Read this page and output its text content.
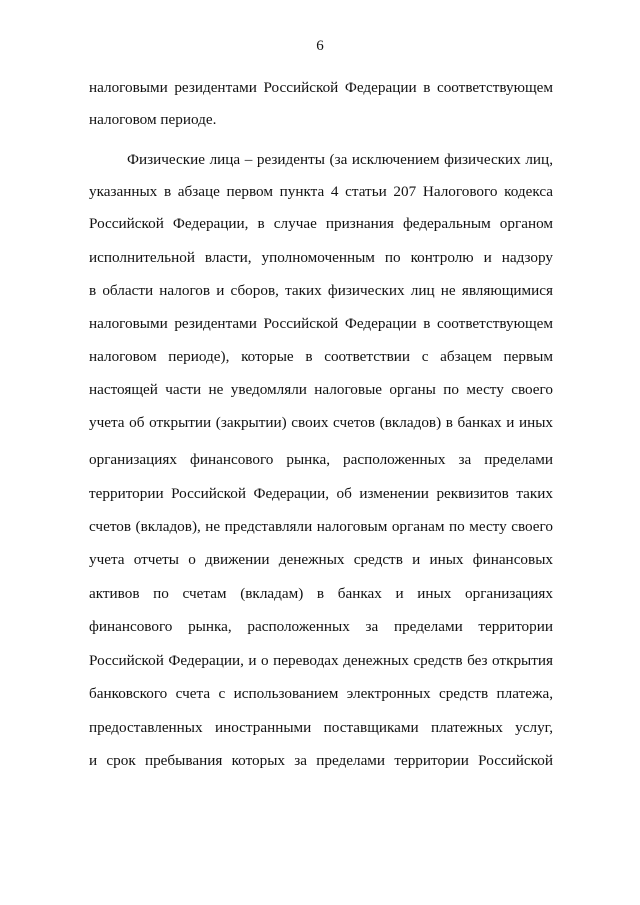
6
налоговыми резидентами Российской Федерации в соответствующем
налоговом периоде.
Физические лица – резиденты (за исключением физических лиц,
указанных в абзаце первом пункта 4 статьи 207 Налогового кодекса
Российской Федерации, в случае признания федеральным органом
исполнительной власти, уполномоченным по контролю и надзору
в области налогов и сборов, таких физических лиц не являющимися
налоговыми резидентами Российской Федерации в соответствующем
налоговом периоде), которые в соответствии с абзацем первым
настоящей части не уведомляли налоговые органы по месту своего
учета об открытии (закрытии) своих счетов (вкладов) в банках и иных
организациях финансового рынка, расположенных за пределами
территории Российской Федерации, об изменении реквизитов таких
счетов (вкладов), не представляли налоговым органам по месту своего
учета отчеты о движении денежных средств и иных финансовых
активов по счетам (вкладам) в банках и иных организациях
финансового рынка, расположенных за пределами территории
Российской Федерации, и о переводах денежных средств без открытия
банковского счета с использованием электронных средств платежа,
предоставленных иностранными поставщиками платежных услуг,
и срок пребывания которых за пределами территории Российской
